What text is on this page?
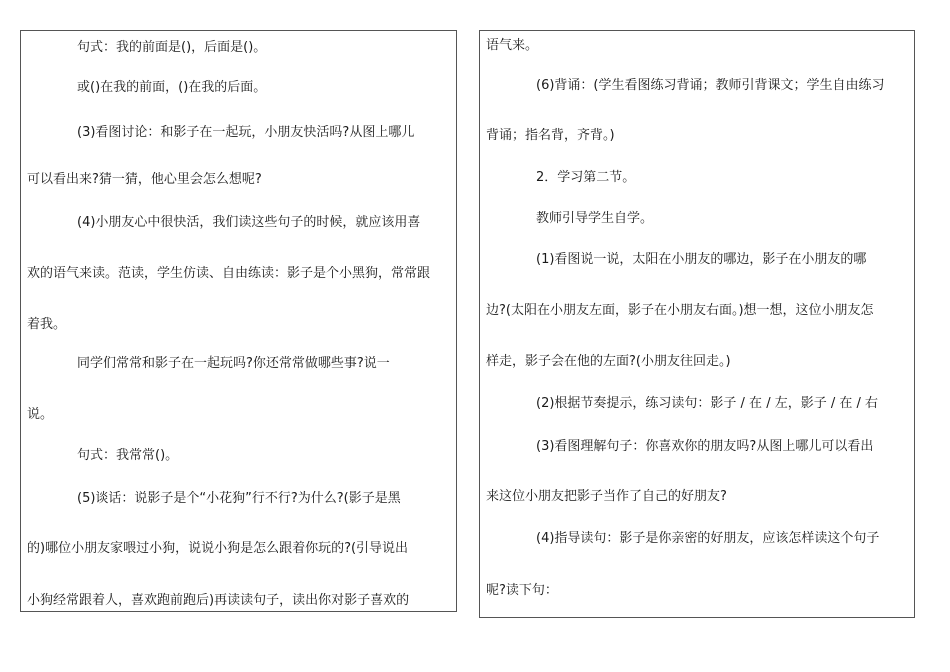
句式：我的前面是()，后面是()。
或()在我的前面，()在我的后面。
(3)看图讨论：和影子在一起玩，小朋友快活吗?从图上哪儿
可以看出来?猜一猜，他心里会怎么想呢?
(4)小朋友心中很快活，我们读这些句子的时候，就应该用喜
欢的语气来读。范读，学生仿读、自由练读：影子是个小黑狗，常常跟
着我。
同学们常常和影子在一起玩吗?你还常常做哪些事?说一
说。
句式：我常常()。
(5)谈话：说影子是个“小花狗”行不行?为什么?(影子是黑
的)哪位小朋友家喂过小狗，说说小狗是怎么跟着你玩的?(引导说出
小狗经常跟着人，喜欢跑前跑后)再读读句子，读出你对影子喜欢的
语气来。
(6)背诵：(学生看图练习背诵；教师引背课文；学生自由练习
背诵；指名背，齐背。)
2．学习第二节。
教师引导学生自学。
(1)看图说一说，太阳在小朋友的哪边，影子在小朋友的哪
边?(太阳在小朋友左面，影子在小朋友右面。)想一想，这位小朋友怎
样走，影子会在他的左面?(小朋友往回走。)
(2)根据节奏提示，练习读句：影子 / 在 / 左，影子 / 在 / 右
(3)看图理解句子：你喜欢你的朋友吗?从图上哪儿可以看出
来这位小朋友把影子当作了自己的好朋友?
(4)指导读句：影子是你亲密的好朋友，应该怎样读这个句子
呢?读下句：
